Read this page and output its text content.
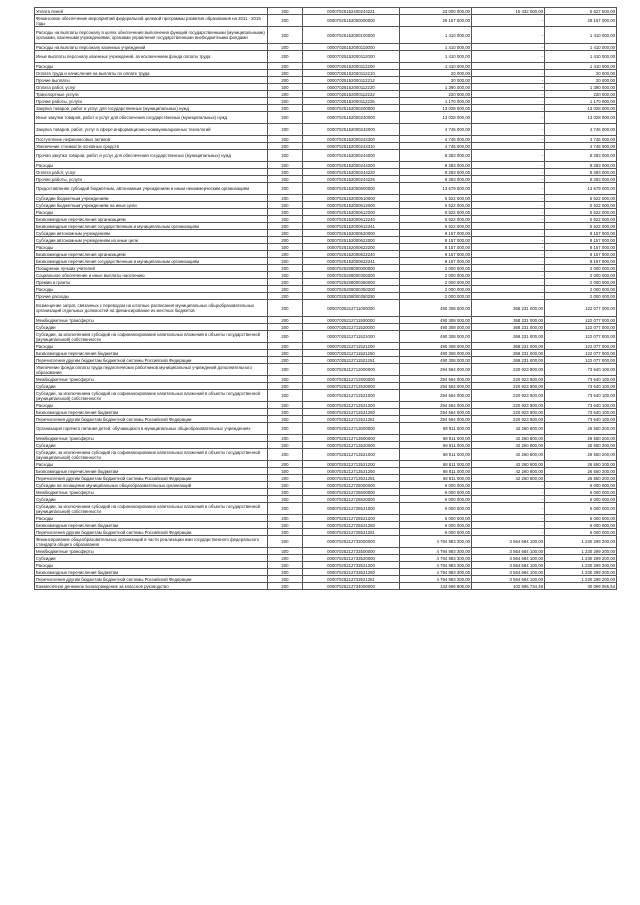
Уплата пеней	200	00007025152400244221	23 000 000,00	15 432 000,00	5 627 500,00
Финансовое обеспечение мероприятий федеральной целевой программы развития образования на 2011 - 2015 годы	200	00007025152000000000	28 157 000,00	-	28 157 000,00
Расходы на выплаты персоналу в целях обеспечения выполнения функций государственными (муниципальными) органами, казенными учреждениями, органами управления государственными внебюджетными фондами	200	00007025152000100000	1 410 000,00	-	1 410 000,00
Расходы на выплаты персоналу казенных учреждений	200	00007025152000110000	1 410 000,00	-	1 410 000,00
Иные выплаты персоналу казенных учреждений, за исключением фонда оплаты труда	200	00007025152000112000	1 410 000,00	-	1 410 000,00
Расходы	200	00007025152000112200	1 410 000,00	-	1 410 000,00
Оплата труда и начисления на выплаты по оплате труда	200	00007025152000112210	20 000,00	-	20 000,00
Прочие выплаты	200	00007025152000112212	20 000,00	-	20 000,00
Оплата работ, услуг	200	00007025152000112220	1 390 000,00	-	1 390 000,00
Транспортные услуги	200	00007025152000112222	220 000,00	-	220 000,00
Прочие работы, услуги	200	00007025152000112226	1 170 000,00	-	1 170 000,00
Закупка товаров, работ и услуг для государственных (муниципальных) нужд	200	00007025152000200000	13 028 000,00	-	13 028 000,00
Иные закупки товаров, работ и услуг для обеспечения государственных (муниципальных) нужд	200	00007025152000240000	13 028 000,00	-	13 028 000,00
Закупка товаров, работ, услуг в сфере информационно-коммуникационных технологий	200	00007025152000242000	4 745 000,00	-	4 745 000,00
Поступление нефинансовых активов	200	00007025152000242300	4 745 000,00	-	4 745 000,00
Увеличение стоимости основных средств	200	00007025152000242310	4 745 000,00	-	4 745 000,00
Прочая закупка товаров, работ и услуг для обеспечения государственных (муниципальных) нужд	200	00007025152000244000	8 283 000,00	-	8 283 000,00
Расходы	200	00007025152000244200	8 283 000,00	-	8 283 000,00
Оплата работ, услуг	200	00007025152000244220	8 283 000,00	-	8 283 000,00
Прочие работы, услуги	200	00007025152000244226	8 283 000,00	-	8 283 000,00
Предоставление субсидий бюджетным, автономным учреждениям и иным некоммерческим организациям	200	00007025152000600000	13 679 000,00	-	13 679 000,00
Субсидии бюджетным учреждениям	200	00007025152000610000	5 522 000,00	-	5 522 000,00
Субсидии бюджетным учреждениям на иные цели	200	00007025152000612000	5 522 000,00	-	5 522 000,00
Расходы	200	00007025152000612200	5 522 000,00	-	5 522 000,00
Безвозмездные перечисления организациям	200	00007025152000612240	5 522 000,00	-	5 522 000,00
Безвозмездные перечисления государственным и муниципальным организациям	200	00007025152000612241	5 522 000,00	-	5 522 000,00
Субсидии автономным учреждениям	200	00007025152000620000	8 157 000,00	-	8 157 000,00
Субсидии автономным учреждениям на иные цели	200	00007025152000622000	8 157 000,00	-	8 157 000,00
Расходы	200	00007025152000622200	8 157 000,00	-	8 157 000,00
Безвозмездные перечисления организациям	200	00007025152000622240	8 157 000,00	-	8 157 000,00
Безвозмездные перечисления государственным и муниципальным организациям	200	00007025152000622241	8 157 000,00	-	8 157 000,00
Поощрение лучших учителей	200	00007025208000000000	2 000 000,00	-	2 000 000,00
Социальное обеспечение и иные выплаты населению	200	00007025208000300000	2 000 000,00	-	2 000 000,00
Премии и гранты	200	00007025208000350000	2 000 000,00	-	2 000 000,00
Расходы	200	00007025208000350200	2 000 000,00	-	2 000 000,00
Прочие расходы	200	00007025208000350290	2 000 000,00	-	2 000 000,00
Возмещение затрат, связанных с переводом на штатные расписания муниципальных общеобразовательных организаций отдельных должностей на финансирование из местных бюджетов	200	00007025212711000000	490 308 000,00	368 231 000,00	122 077 000,00
Межбюджетные трансферты	200	00007025212711500000	490 308 000,00	368 231 000,00	122 077 000,00
Субсидии	200	00007025212711520000	490 308 000,00	368 231 000,00	122 077 000,00
Субсидии, за исключением субсидий на софинансирование капитальных вложений в объекты государственной (муниципальной) собственности	200	00007025212711521000	490 308 000,00	368 231 000,00	122 077 000,00
Расходы	200	00007025212711521200	490 308 000,00	368 231 000,00	122 077 000,00
Безвозмездные перечисления бюджетам	200	00007025212711521250	490 308 000,00	368 231 000,00	122 077 000,00
Перечисления другим бюджетам бюджетной системы Российской Федерации	200	00007025212711521251	490 308 000,00	368 231 000,00	122 077 000,00
Увеличение фонда оплаты труда педагогических работников муниципальных учреждений дополнительного образования	200	00007025212712000000	294 564 000,00	220 923 900,00	73 640 100,00
Межбюджетные трансферты	200	00007025212712500000	294 564 000,00	220 923 900,00	73 640 100,00
Субсидии	200	00007025212712520000	294 564 000,00	220 923 900,00	73 640 100,00
Субсидии, за исключением субсидий на софинансирование капитальных вложений в объекты государственной (муниципальной) собственности	200	00007025212712521000	294 564 000,00	220 923 900,00	73 640 100,00
Расходы	200	00007025212712521200	294 564 000,00	220 923 900,00	73 640 100,00
Безвозмездные перечисления бюджетам	200	00007025212712521250	294 564 000,00	220 923 900,00	73 640 100,00
Перечисления другим бюджетам бюджетной системы Российской Федерации	200	00007025212712521251	294 564 000,00	220 923 900,00	73 640 100,00
Организация горячего питания детей, обучающихся в муниципальных общеобразовательных учреждениях	200	00007025212713000000	68 811 000,00	42 260 800,00	26 550 200,00
Межбюджетные трансферты	200	00007025212713500000	68 811 000,00	42 260 800,00	26 550 200,00
Субсидии	200	00007025212713520000	68 811 000,00	42 260 800,00	26 550 200,00
Субсидии, за исключением субсидий на софинансирование капитальных вложений в объекты государственной (муниципальной) собственности	200	00007025212713521000	68 811 000,00	42 260 800,00	26 550 200,00
Расходы	200	00007025212713521200	68 811 000,00	42 260 800,00	26 550 200,00
Безвозмездные перечисления бюджетам	200	00007025212713521250	68 811 000,00	42 260 800,00	26 550 200,00
Перечисления другим бюджетам бюджетной системы Российской Федерации	200	00007025212713521251	68 811 000,00	42 260 800,00	26 550 200,00
Субсидии на оснащение муниципальных общеобразовательных организаций	200	00007025212725000000	6 000 000,00	-	6 000 000,00
Межбюджетные трансферты	200	00007025212725500000	6 000 000,00	-	6 000 000,00
Субсидии	200	00007025212725520000	6 000 000,00	-	6 000 000,00
Субсидии, за исключением субсидий на софинансирование капитальных вложений в объекты государственной (муниципальной) собственности	200	00007025212725521000	6 000 000,00	-	6 000 000,00
Расходы	200	00007025212725521200	6 000 000,00	-	6 000 000,00
Безвозмездные перечисления бюджетам	200	00007025212725521250	6 000 000,00	-	6 000 000,00
Перечисления другим бюджетам бюджетной системы Российской Федерации	200	00007025212725521251	6 000 000,00	-	6 000 000,00
Финансирование общеобразовательных организаций в части реализации ими государственного федерального стандарта общего образования	200	00007025212733000000	4 794 983 300,00	3 564 684 100,00	1 230 299 200,00
Межбюджетные трансферты	200	00007025212733500000	4 794 983 300,00	3 564 684 100,00	1 230 299 200,00
Субсидии	200	00007025212733520000	4 794 983 300,00	3 564 684 100,00	1 230 299 200,00
Расходы	200	00007025212733521200	4 794 983 300,00	3 564 684 100,00	1 230 299 200,00
Безвозмездные перечисления бюджетам	200	00007025212733521250	4 794 983 300,00	3 564 684 100,00	1 230 299 200,00
Перечисления другим бюджетам бюджетной системы Российской Федерации	200	00007025212733521251	4 794 983 300,00	3 564 684 100,00	1 230 299 200,00
Ежемесячное денежное вознаграждение за классное руководство	200	00007025212734000000	132 696 800,00	102 596 734,46	30 099 065,54
